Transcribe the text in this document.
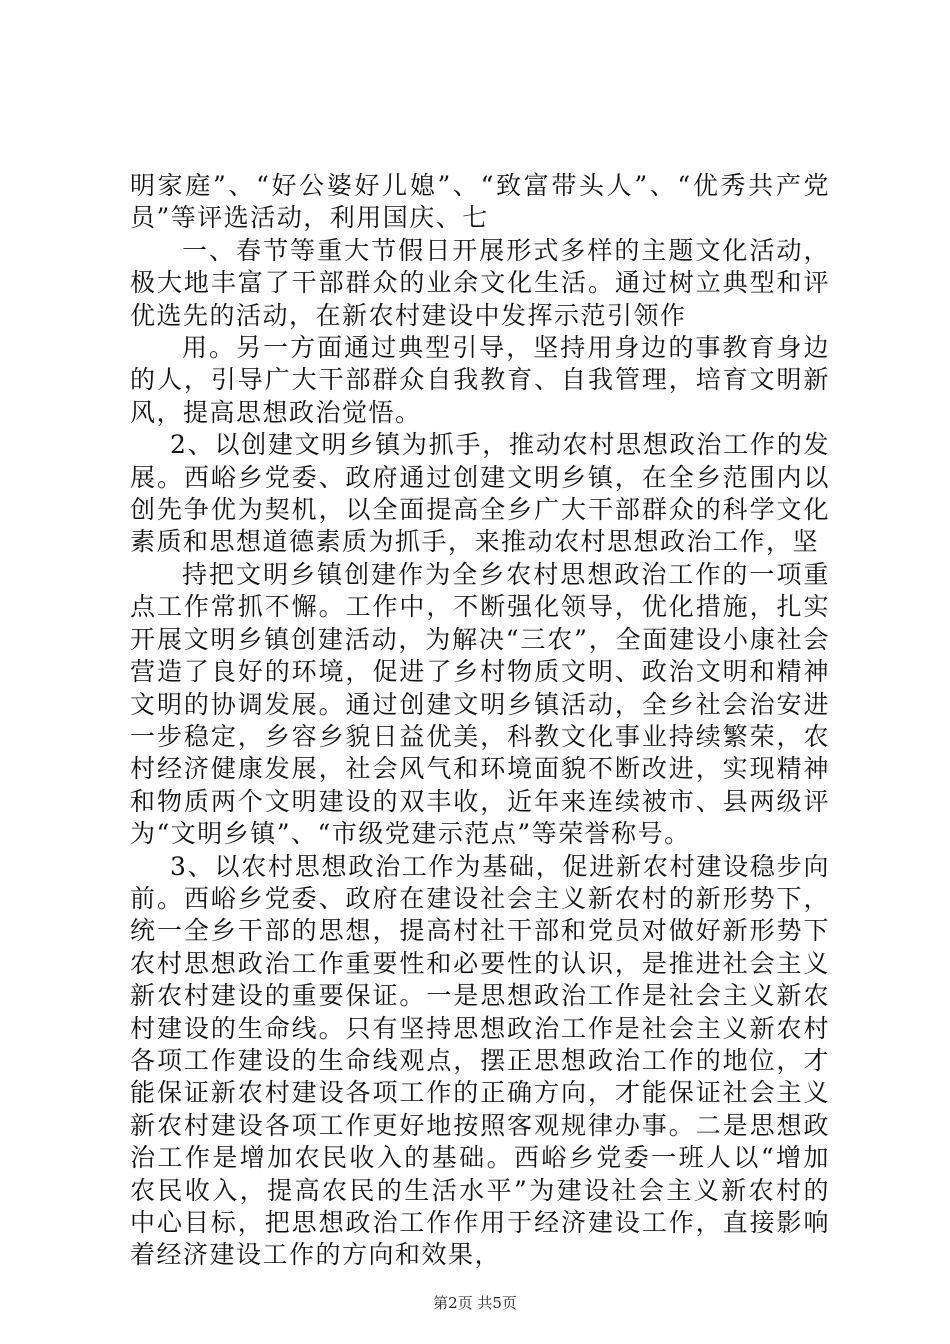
明家庭”、“好公婆好儿媳”、“致富带头人”、“优秀共产党员”等评选活动，利用国庆、七

一、春节等重大节假日开展形式多样的主题文化活动，极大地丰富了干部群众的业余文化生活。通过树立典型和评优选先的活动，在新农村建设中发挥示范引领作

用。另一方面通过典型引导，坚持用身边的事教育身边的人，引导广大干部群众自我教育、自我管理，培育文明新风，提高思想政治觉悟。

2、以创建文明乡镇为抓手，推动农村思想政治工作的发展。西峪乡党委、政府通过创建文明乡镇，在全乡范围内以创先争优为契机，以全面提高全乡广大干部群众的科学文化素质和思想道德素质为抓手，来推动农村思想政治工作，坚

持把文明乡镇创建作为全乡农村思想政治工作的一项重点工作常抓不懈。工作中，不断强化领导，优化措施，扎实开展文明乡镇创建活动，为解决“三农”，全面建设小康社会营造了良好的环境，促进了乡村物质文明、政治文明和精神文明的协调发展。通过创建文明乡镇活动，全乡社会治安进一步稳定，乡容乡貌日益优美，科教文化事业持续繁荣，农村经济健康发展，社会风气和环境面貌不断改进，实现精神和物质两个文明建设的双丰收，近年来连续被市、县两级评为“文明乡镇”、“市级党建示范点”等荣誉称号。

3、以农村思想政治工作为基础，促进新农村建设稳步向前。西峪乡党委、政府在建设社会主义新农村的新形势下，统一全乡干部的思想，提高村社干部和党员对做好新形势下农村思想政治工作重要性和必要性的认识，是推进社会主义新农村建设的重要保证。一是思想政治工作是社会主义新农村建设的生命线。只有坚持思想政治工作是社会主义新农村各项工作建设的生命线观点，摆正思想政治工作的地位，才能保证新农村建设各项工作的正确方向，才能保证社会主义新农村建设各项工作更好地按照客观规律办事。二是思想政治工作是增加农民收入的基础。西峪乡党委一班人以“增加农民收入，提高农民的生活水平”为建设社会主义新农村的中心目标，把思想政治工作作用于经济建设工作，直接影响着经济建设工作的方向和效果，

第2页 共5页
